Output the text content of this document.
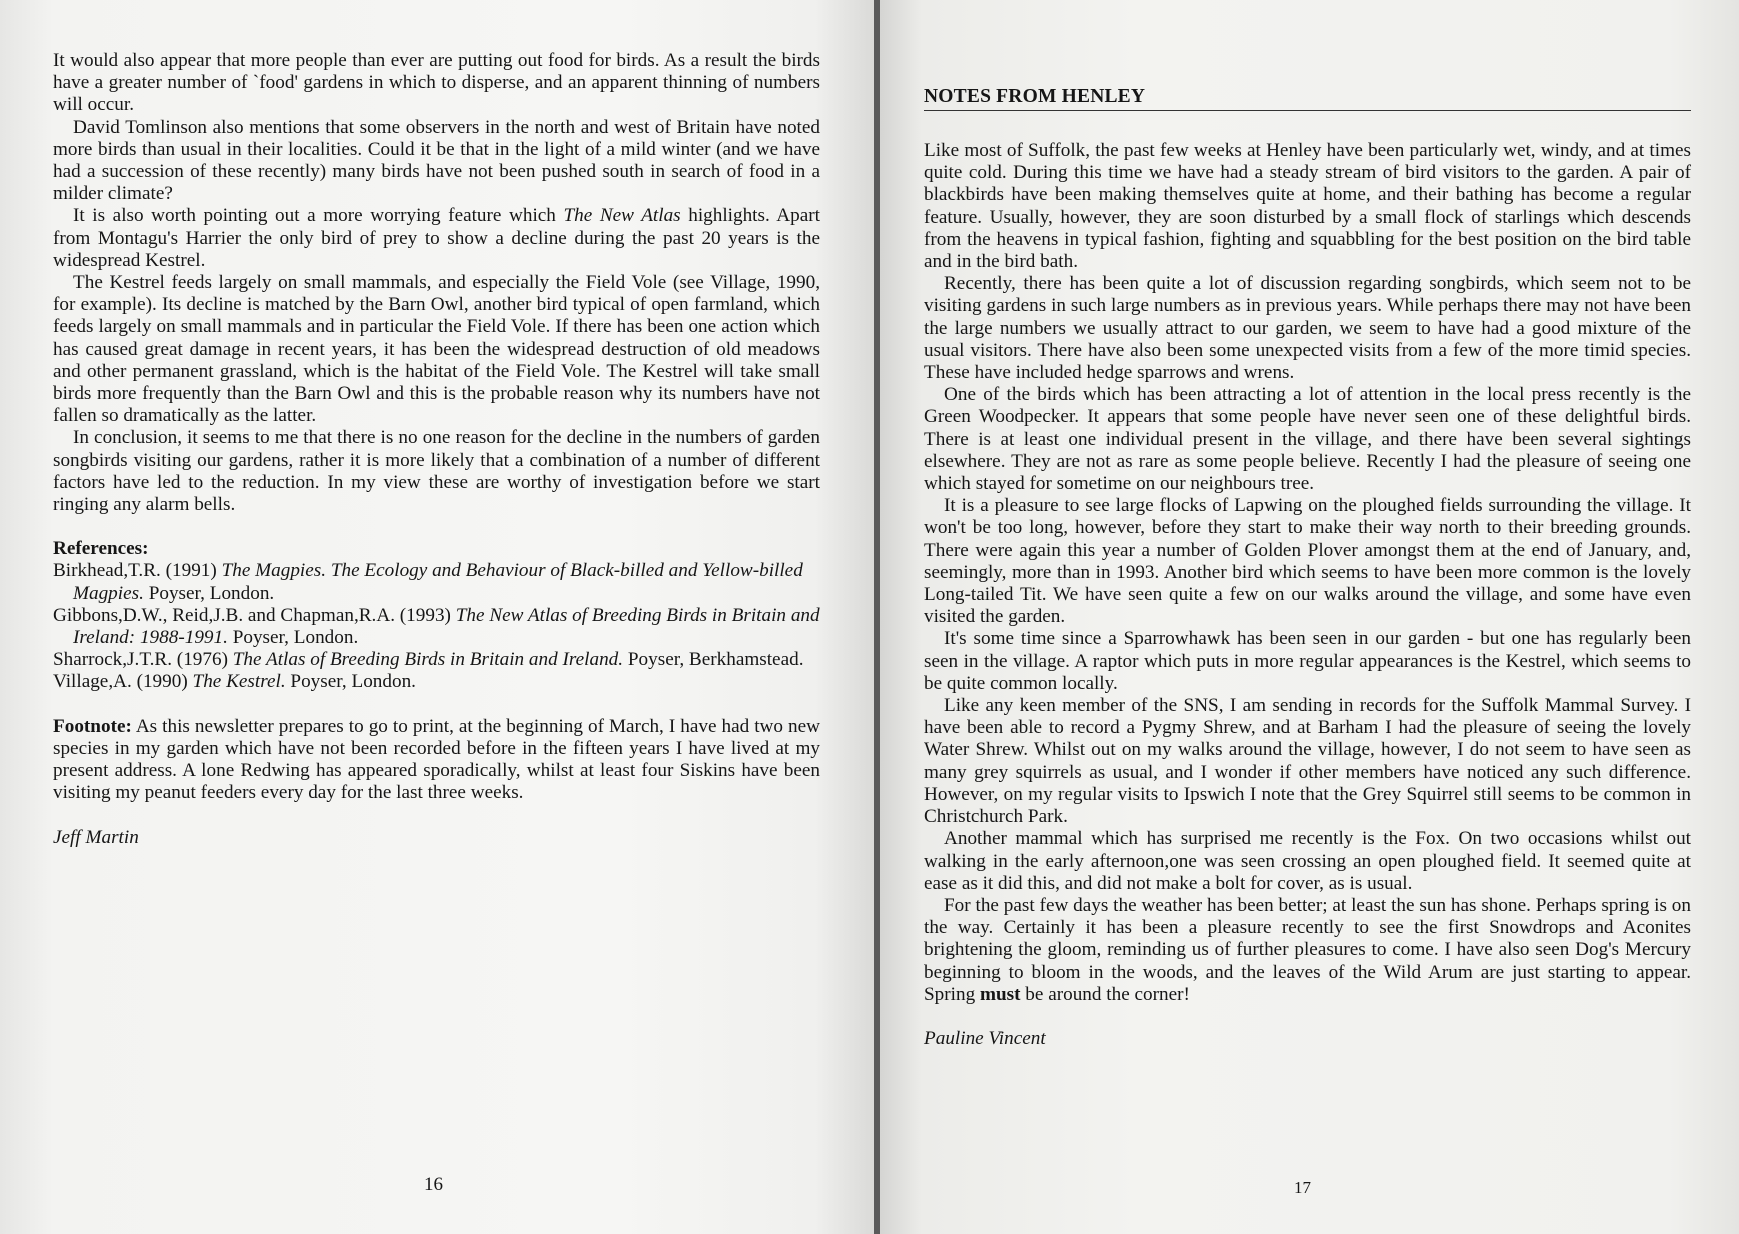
It would also appear that more people than ever are putting out food for birds. As a result the birds have a greater number of `food' gardens in which to disperse, and an apparent thinning of numbers will occur.

David Tomlinson also mentions that some observers in the north and west of Britain have noted more birds than usual in their localities. Could it be that in the light of a mild winter (and we have had a succession of these recently) many birds have not been pushed south in search of food in a milder climate?

It is also worth pointing out a more worrying feature which The New Atlas highlights. Apart from Montagu's Harrier the only bird of prey to show a decline during the past 20 years is the widespread Kestrel.

The Kestrel feeds largely on small mammals, and especially the Field Vole (see Village, 1990, for example). Its decline is matched by the Barn Owl, another bird typical of open farmland, which feeds largely on small mammals and in particular the Field Vole. If there has been one action which has caused great damage in recent years, it has been the widespread destruction of old meadows and other permanent grassland, which is the habitat of the Field Vole. The Kestrel will take small birds more frequently than the Barn Owl and this is the probable reason why its numbers have not fallen so dramatically as the latter.

In conclusion, it seems to me that there is no one reason for the decline in the numbers of garden songbirds visiting our gardens, rather it is more likely that a combination of a number of different factors have led to the reduction. In my view these are worthy of investigation before we start ringing any alarm bells.

References:

Birkhead,T.R. (1991) The Magpies. The Ecology and Behaviour of Black-billed and Yellow-billed Magpies. Poyser, London.

Gibbons,D.W., Reid,J.B. and Chapman,R.A. (1993) The New Atlas of Breeding Birds in Britain and Ireland: 1988-1991. Poyser, London.

Sharrock,J.T.R. (1976) The Atlas of Breeding Birds in Britain and Ireland. Poyser, Berkhamstead.

Village,A. (1990) The Kestrel. Poyser, London.

Footnote: As this newsletter prepares to go to print, at the beginning of March, I have had two new species in my garden which have not been recorded before in the fifteen years I have lived at my present address. A lone Redwing has appeared sporadically, whilst at least four Siskins have been visiting my peanut feeders every day for the last three weeks.

Jeff Martin

16
NOTES FROM HENLEY

Like most of Suffolk, the past few weeks at Henley have been particularly wet, windy, and at times quite cold. During this time we have had a steady stream of bird visitors to the garden. A pair of blackbirds have been making themselves quite at home, and their bathing has become a regular feature. Usually, however, they are soon disturbed by a small flock of starlings which descends from the heavens in typical fashion, fighting and squabbling for the best position on the bird table and in the bird bath.

Recently, there has been quite a lot of discussion regarding songbirds, which seem not to be visiting gardens in such large numbers as in previous years. While perhaps there may not have been the large numbers we usually attract to our garden, we seem to have had a good mixture of the usual visitors. There have also been some unexpected visits from a few of the more timid species. These have included hedge sparrows and wrens.

One of the birds which has been attracting a lot of attention in the local press recently is the Green Woodpecker. It appears that some people have never seen one of these delightful birds. There is at least one individual present in the village, and there have been several sightings elsewhere. They are not as rare as some people believe. Recently I had the pleasure of seeing one which stayed for sometime on our neighbours tree.

It is a pleasure to see large flocks of Lapwing on the ploughed fields surrounding the village. It won't be too long, however, before they start to make their way north to their breeding grounds. There were again this year a number of Golden Plover amongst them at the end of January, and, seemingly, more than in 1993. Another bird which seems to have been more common is the lovely Long-tailed Tit. We have seen quite a few on our walks around the village, and some have even visited the garden.

It's some time since a Sparrowhawk has been seen in our garden - but one has regularly been seen in the village. A raptor which puts in more regular appearances is the Kestrel, which seems to be quite common locally.

Like any keen member of the SNS, I am sending in records for the Suffolk Mammal Survey. I have been able to record a Pygmy Shrew, and at Barham I had the pleasure of seeing the lovely Water Shrew. Whilst out on my walks around the village, however, I do not seem to have seen as many grey squirrels as usual, and I wonder if other members have noticed any such difference. However, on my regular visits to Ipswich I note that the Grey Squirrel still seems to be common in Christchurch Park.

Another mammal which has surprised me recently is the Fox. On two occasions whilst out walking in the early afternoon,one was seen crossing an open ploughed field. It seemed quite at ease as it did this, and did not make a bolt for cover, as is usual.

For the past few days the weather has been better; at least the sun has shone. Perhaps spring is on the way. Certainly it has been a pleasure recently to see the first Snowdrops and Aconites brightening the gloom, reminding us of further pleasures to come. I have also seen Dog's Mercury beginning to bloom in the woods, and the leaves of the Wild Arum are just starting to appear. Spring must be around the corner!

Pauline Vincent

17
